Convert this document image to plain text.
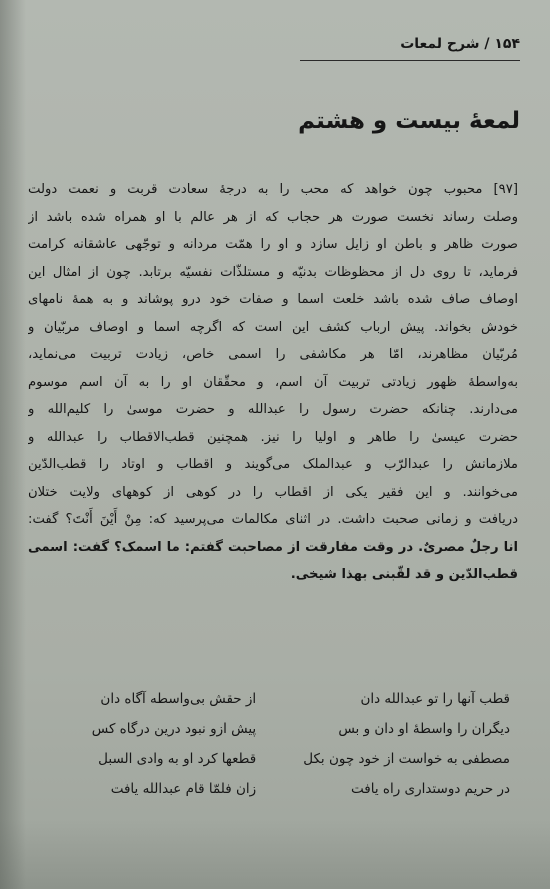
۱۵۴ / شرح لمعات
لمعهٔ بیست و هشتم
[۹۷] محبوب چون خواهد که محب را به درجهٔ سعادت قربت و نعمت دولت
وصلت رساند نخست صورت هر حجاب که از هر عالم با او همراه شده باشد از
صورت ظاهر و باطن او زایل سازد و او را همّت مردانه و توجّهی عاشقانه کرامت
فرماید، تا روی دل از محظوظات بدنیّه و مستلذّات نفسیّه برتابد. چون از امثال این
اوصاف صاف شده باشد خلعت اسما و صفات خود درو پوشاند و به همهٔ نامهای
خودش بخواند. پیش ارباب کشف این است که اگرچه اسما و اوصاف مربّیان و
مُربّیان مظاهرند، امّا هر مکاشفی را اسمی خاص، زیادت تربیت می‌نماید،
به‌واسطهٔ ظهور زیادتی تربیت آن اسم، و محقّقان او را به آن اسم موسوم
می‌دارند. چنانکه حضرت رسول را عبدالله و حضرت موسیٰ را کلیم‌الله و
حضرت عیسیٰ را طاهر و اولیا را نیز. همچنین قطب‌الاقطاب را عبدالله و
ملازمانش را عبدالرّب و عبدالملک می‌گویند و اقطاب و اوتاد را قطب‌الدّین
می‌خوانند. و این فقیر یکی از اقطاب را در کوهی از کوههای ولایت ختلان
دریافت و زمانی صحبت داشت. در اثنای مکالمات می‌پرسید که: مِنْ أَیْنَ أَنْتَ؟ گفت:
انا رجلٌ مصریٌ. در وقت مفارقت از مصاحبت گفتم: ما اسمک؟ گفت: اسمی
قطب‌الدّین و قد لقّبنی بهذا شیخی.
قطب آنها را تو عبدالله دان
از حقش بی‌واسطه آگاه دان
دیگران را واسطهٔ او دان و بس
پیش ازو نبود درین درگاه کس
مصطفی به خواست از خود چون بکل
قطعها کرد او به وادی السبل
در حریم دوستداری راه یافت
زان فلمّا قام عبدالله یافت
